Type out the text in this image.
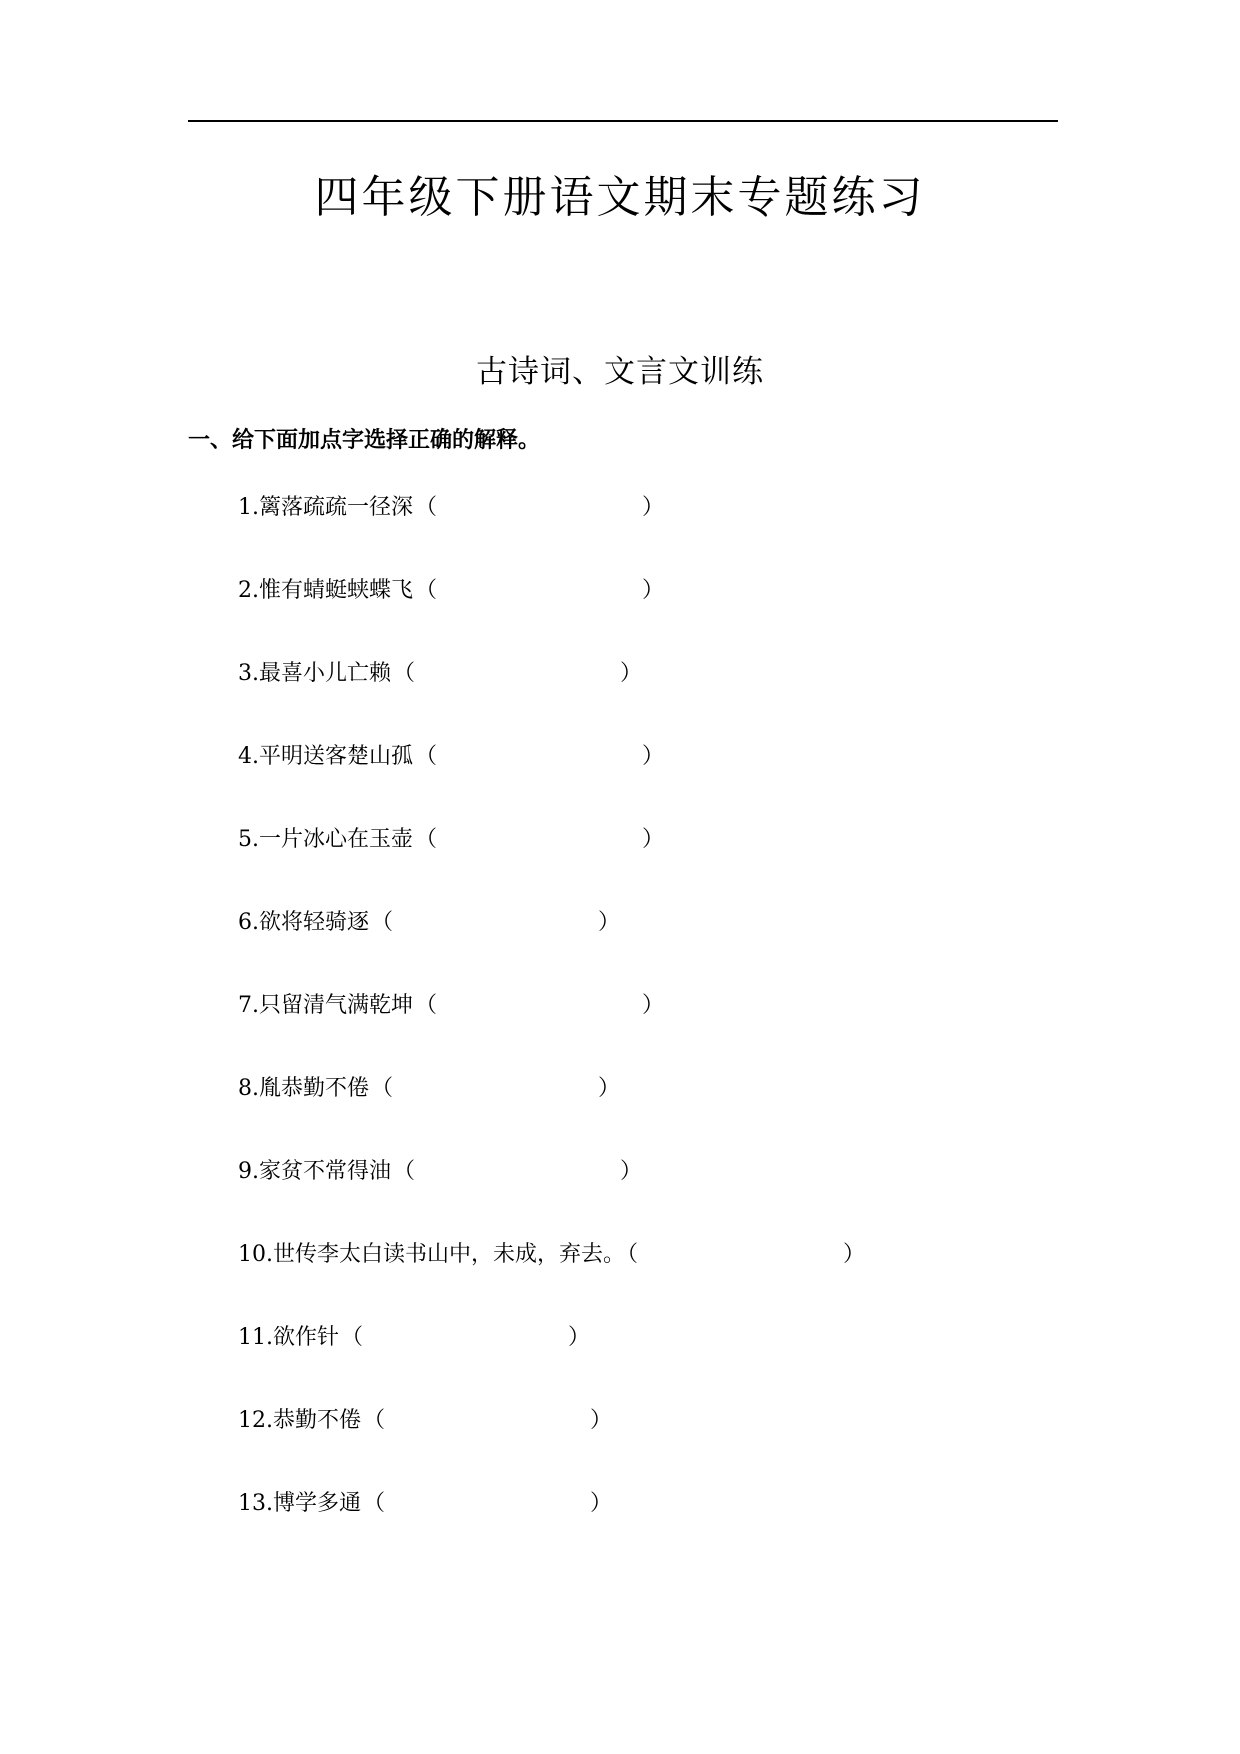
四年级下册语文期末专题练习
古诗词、文言文训练
一、给下面加点字选择正确的解释。
1.篱落疏疏一径深（	）
2.惟有蜻蜓蛱蝶飞（	）
3.最喜小儿亡赖（	）
4.平明送客楚山孤（	）
5.一片冰心在玉壶（	）
6.欲将轻骑逐（	）
7.只留清气满乾坤（	）
8.胤恭勤不倦（	）
9.家贫不常得油（	）
10.世传李太白读书山中，未成，弃去。（	）
11.欲作针（	）
12.恭勤不倦（	）
13.博学多通（	）
